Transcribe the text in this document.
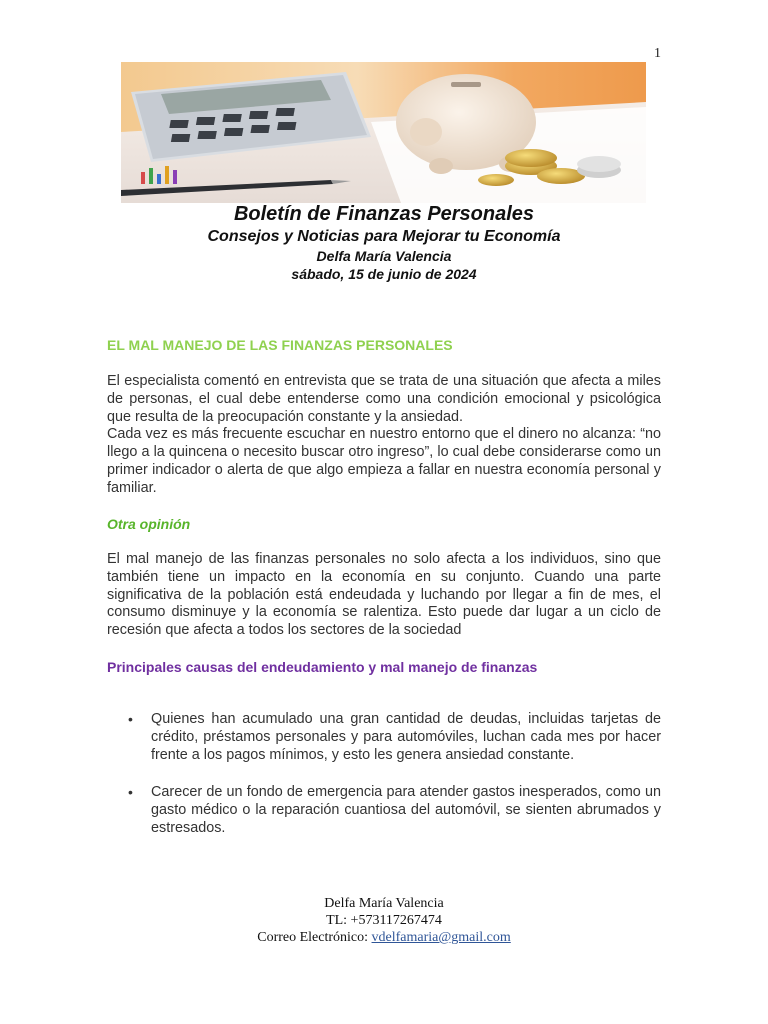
1
Boletín de Finanzas Personales
Consejos y Noticias para Mejorar tu Economía
Delfa María Valencia
sábado, 15 de junio de 2024
EL MAL MANEJO DE LAS FINANZAS PERSONALES

El especialista comentó en entrevista que se trata de una situación que afecta a miles de personas, el cual debe entenderse como una condición emocional y psicológica que resulta de la preocupación constante y la ansiedad.

Cada vez es más frecuente escuchar en nuestro entorno que el dinero no alcanza: “no llego a la quincena o necesito buscar otro ingreso”, lo cual debe considerarse como un primer indicador o alerta de que algo empieza a fallar en nuestra economía personal y familiar.

Otra opinión

El mal manejo de las finanzas personales no solo afecta a los individuos, sino que también tiene un impacto en la economía en su conjunto. Cuando una parte significativa de la población está endeudada y luchando por llegar a fin de mes, el consumo disminuye y la economía se ralentiza. Esto puede dar lugar a un ciclo de recesión que afecta a todos los sectores de la sociedad

Principales causas del endeudamiento y mal manejo de finanzas
• Quienes han acumulado una gran cantidad de deudas, incluidas tarjetas de crédito, préstamos personales y para automóviles, luchan cada mes por hacer frente a los pagos mínimos, y esto les genera ansiedad constante.
• Carecer de un fondo de emergencia para atender gastos inesperados, como un gasto médico o la reparación cuantiosa del automóvil, se sienten abrumados y estresados.
Delfa María Valencia
TL: +573117267474
Correo Electrónico: vdelfamaria@gmail.com
